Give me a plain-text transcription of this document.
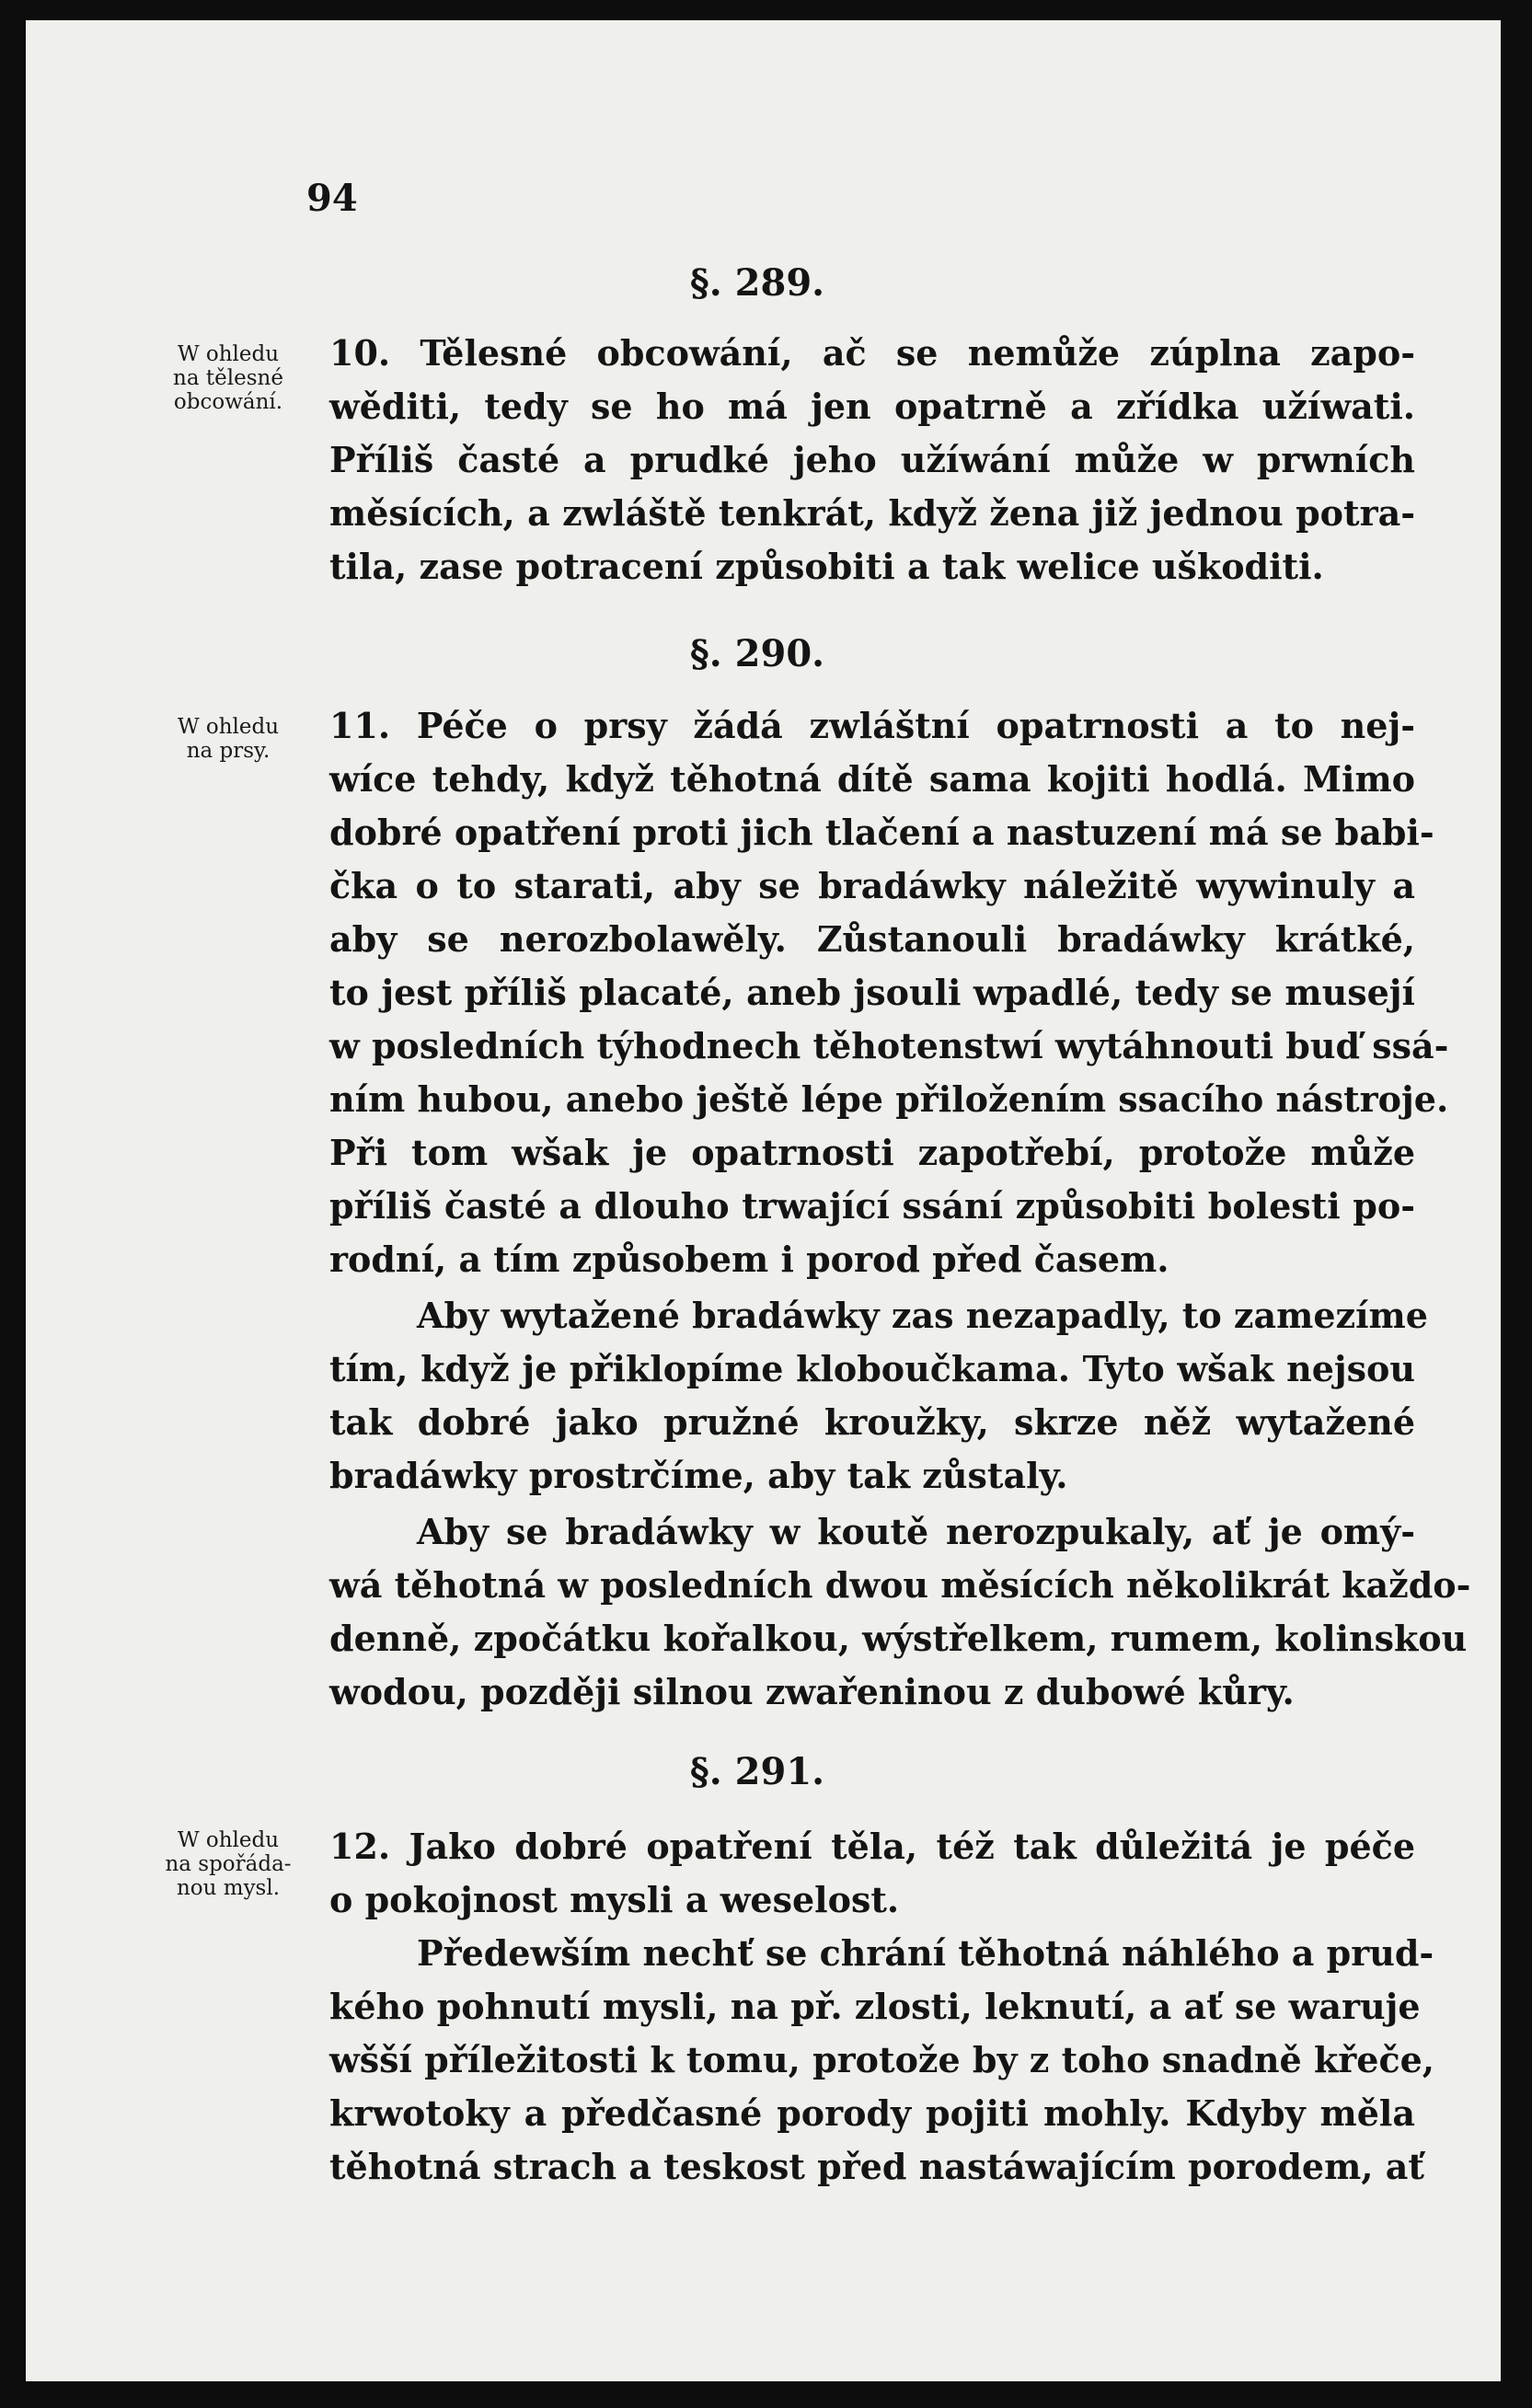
94
§. 289.
W ohledu
na tělesné
obcowání.
10. Tělesné obcowání, ač se nemůže zúplna zapo-
wěditi, tedy se ho má jen opatrně a zřídka užíwati.
Příliš časté a prudké jeho užíwání může w prwních
měsících, a zwláště tenkrát, když žena již jednou potra-
tila, zase potracení způsobiti a tak welice uškoditi.
§. 290.
W ohledu
na prsy.
11. Péče o prsy žádá zwláštní opatrnosti a to nej-
wíce tehdy, když těhotná dítě sama kojiti hodlá. Mimo
dobré opatření proti jich tlačení a nastuzení má se babi-
čka o to starati, aby se bradáwky náležitě wywinuly a
aby se nerozbolawěly. Zůstanouli bradáwky krátké,
to jest příliš placaté, aneb jsouli wpadlé, tedy se musejí
w posledních týhodnech těhotenstwí wytáhnouti buď ssá-
ním hubou, anebo ještě lépe přiložením ssacího nástroje.
Při tom wšak je opatrnosti zapotřebí, protože může
příliš časté a dlouho trwající ssání způsobiti bolesti po-
rodní, a tím způsobem i porod před časem.
Aby wytažené bradáwky zas nezapadly, to zamezíme
tím, když je přiklopíme kloboučkama. Tyto wšak nejsou
tak dobré jako pružné kroužky, skrze něž wytažené
bradáwky prostrčíme, aby tak zůstaly.
Aby se bradáwky w koutě nerozpukaly, ať je omý-
wá těhotná w posledních dwou měsících několikrát každo-
denně, zpočátku kořalkou, wýstřelkem, rumem, kolinskou
wodou, později silnou zwařeninou z dubowé kůry.
§. 291.
W ohledu
na spořáda-
nou mysl.
12. Jako dobré opatření těla, též tak důležitá je péče
o pokojnost mysli a weselost.
Předewším nechť se chrání těhotná náhlého a prud-
kého pohnutí mysli, na př. zlosti, leknutí, a ať se waruje
wšší příležitosti k tomu, protože by z toho snadně křeče,
krwotoky a předčasné porody pojiti mohly. Kdyby měla
těhotná strach a teskost před nastáwajícím porodem, ať
